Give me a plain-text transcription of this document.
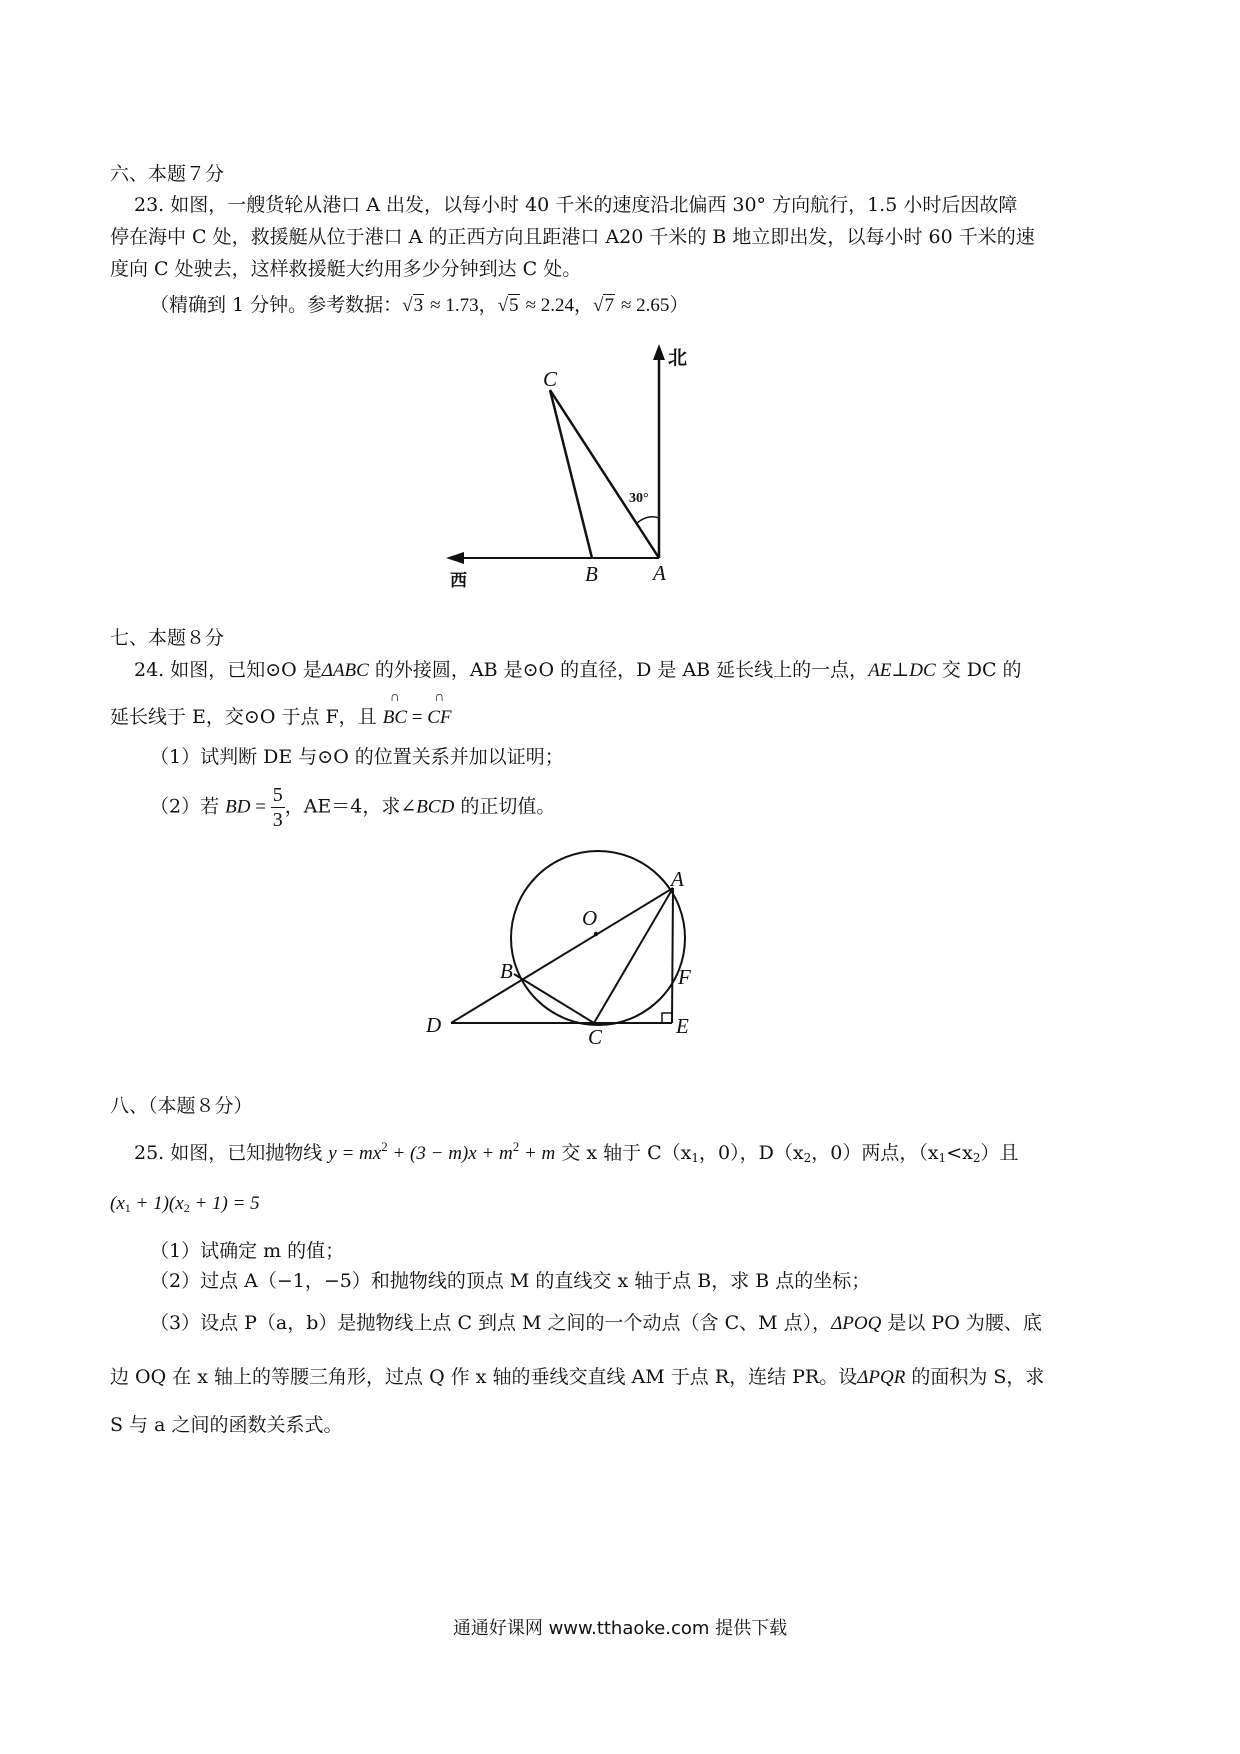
六、本题７分
23. 如图，一艘货轮从港口 A 出发，以每小时 40 千米的速度沿北偏西 30° 方向航行，1.5 小时后因故障
停在海中 C 处，救援艇从位于港口 A 的正西方向且距港口 A20 千米的 B 地立即出发，以每小时 60 千米的速
度向 C 处驶去，这样救援艇大约用多少分钟到达 C 处。
（精确到 1 分钟。参考数据：√3 ≈ 1.73，√5 ≈ 2.24，√7 ≈ 2.65）
北
西
30°
C
B	A
七、本题８分
24. 如图，已知⊙O 是ΔABC 的外接圆，AB 是⊙O 的直径，D 是 AB 延长线上的一点，AE⊥DC 交 DC 的
延长线于 E，交⊙O 于点 F，且 ∩ BC = ∩ CF
（1）试判断 DE 与⊙O 的位置关系并加以证明；
（2）若 BD = $\frac{5}{3}$ ，AE＝4，求∠BCD 的正切值。
O
A
B	F
D	C	E
八、（本题８分）
25. 如图，已知抛物线 $y = mx^2 + (3 - m)x + m^2 + m$ 交 x 轴于 $C(x_1$，0），$D(x_2$，0）两点，$(x_1<x_2)$且
$(x_1 + 1)(x_2 + 1) = 5$
（1）试确定 m 的值；
（2）过点 A（−1，−5）和抛物线的顶点 M 的直线交 x 轴于点 B，求 B 点的坐标；
（3）设点 P（a，b）是抛物线上点 C 到点 M 之间的一个动点（含 C、M 点），ΔPOQ 是以 PO 为腰、底
边 OQ 在 x 轴上的等腰三角形，过点 Q 作 x 轴的垂线交直线 AM 于点 R，连结 PR。设ΔPQR 的面积为 S，求
S 与 a 之间的函数关系式。
通通好课网 www.tthaoke.com 提供下载
